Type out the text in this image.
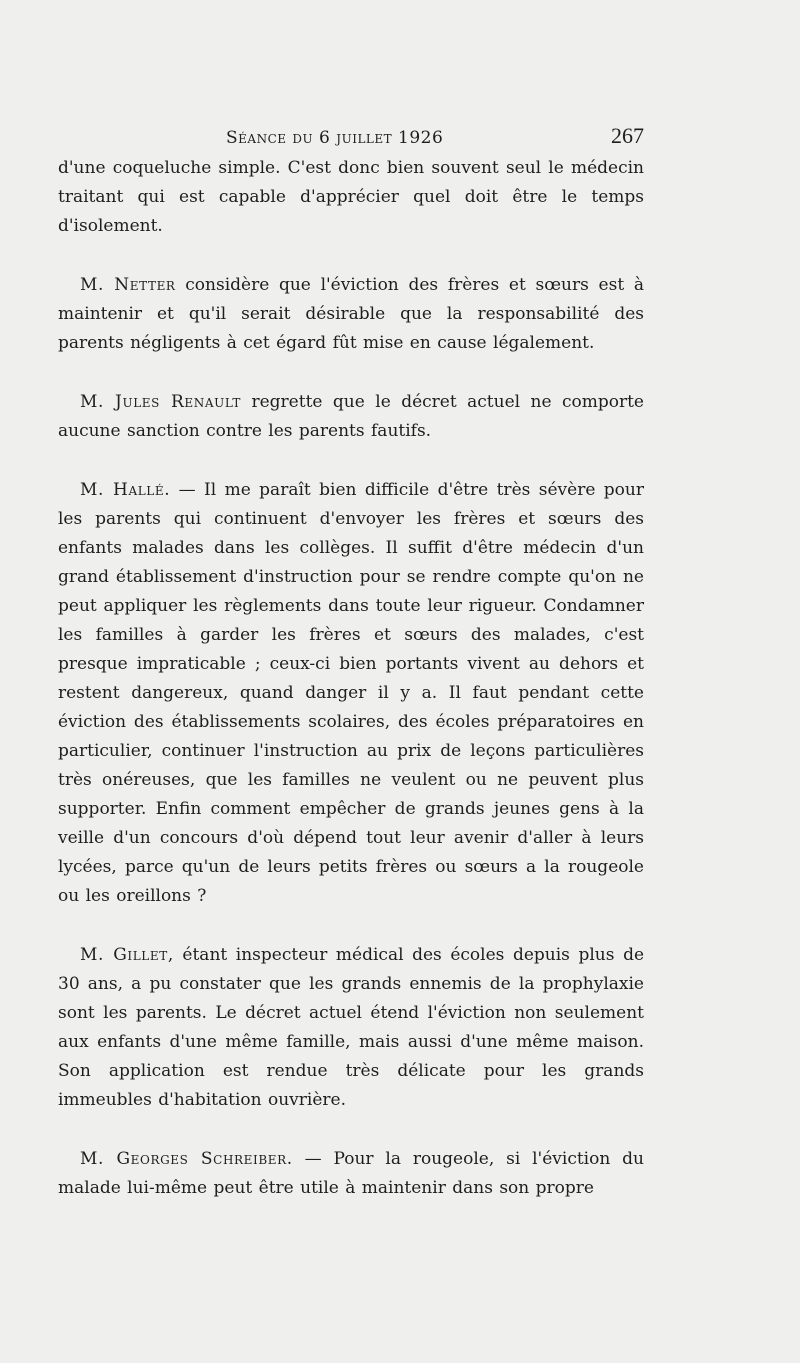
Séance du 6 juillet 1926	267

d'une coqueluche simple. C'est donc bien souvent seul le médecin traitant qui est capable d'apprécier quel doit être le temps d'isolement.

M. Netter considère que l'éviction des frères et sœurs est à maintenir et qu'il serait désirable que la responsabilité des parents négligents à cet égard fût mise en cause légalement.

M. Jules Renault regrette que le décret actuel ne comporte aucune sanction contre les parents fautifs.

M. Hallé. — Il me paraît bien difficile d'être très sévère pour les parents qui continuent d'envoyer les frères et sœurs des enfants malades dans les collèges. Il suffit d'être médecin d'un grand établissement d'instruction pour se rendre compte qu'on ne peut appliquer les règlements dans toute leur rigueur. Condamner les familles à garder les frères et sœurs des malades, c'est presque impraticable ; ceux-ci bien portants vivent au dehors et restent dangereux, quand danger il y a. Il faut pendant cette éviction des établissements scolaires, des écoles préparatoires en particulier, continuer l'instruction au prix de leçons particulières très onéreuses, que les familles ne veulent ou ne peuvent plus supporter. Enfin comment empêcher de grands jeunes gens à la veille d'un concours d'où dépend tout leur avenir d'aller à leurs lycées, parce qu'un de leurs petits frères ou sœurs a la rougeole ou les oreillons ?

M. Gillet, étant inspecteur médical des écoles depuis plus de 30 ans, a pu constater que les grands ennemis de la prophylaxie sont les parents. Le décret actuel étend l'éviction non seulement aux enfants d'une même famille, mais aussi d'une même maison. Son application est rendue très délicate pour les grands immeubles d'habitation ouvrière.

M. Georges Schreiber. — Pour la rougeole, si l'éviction du malade lui-même peut être utile à maintenir dans son propre
